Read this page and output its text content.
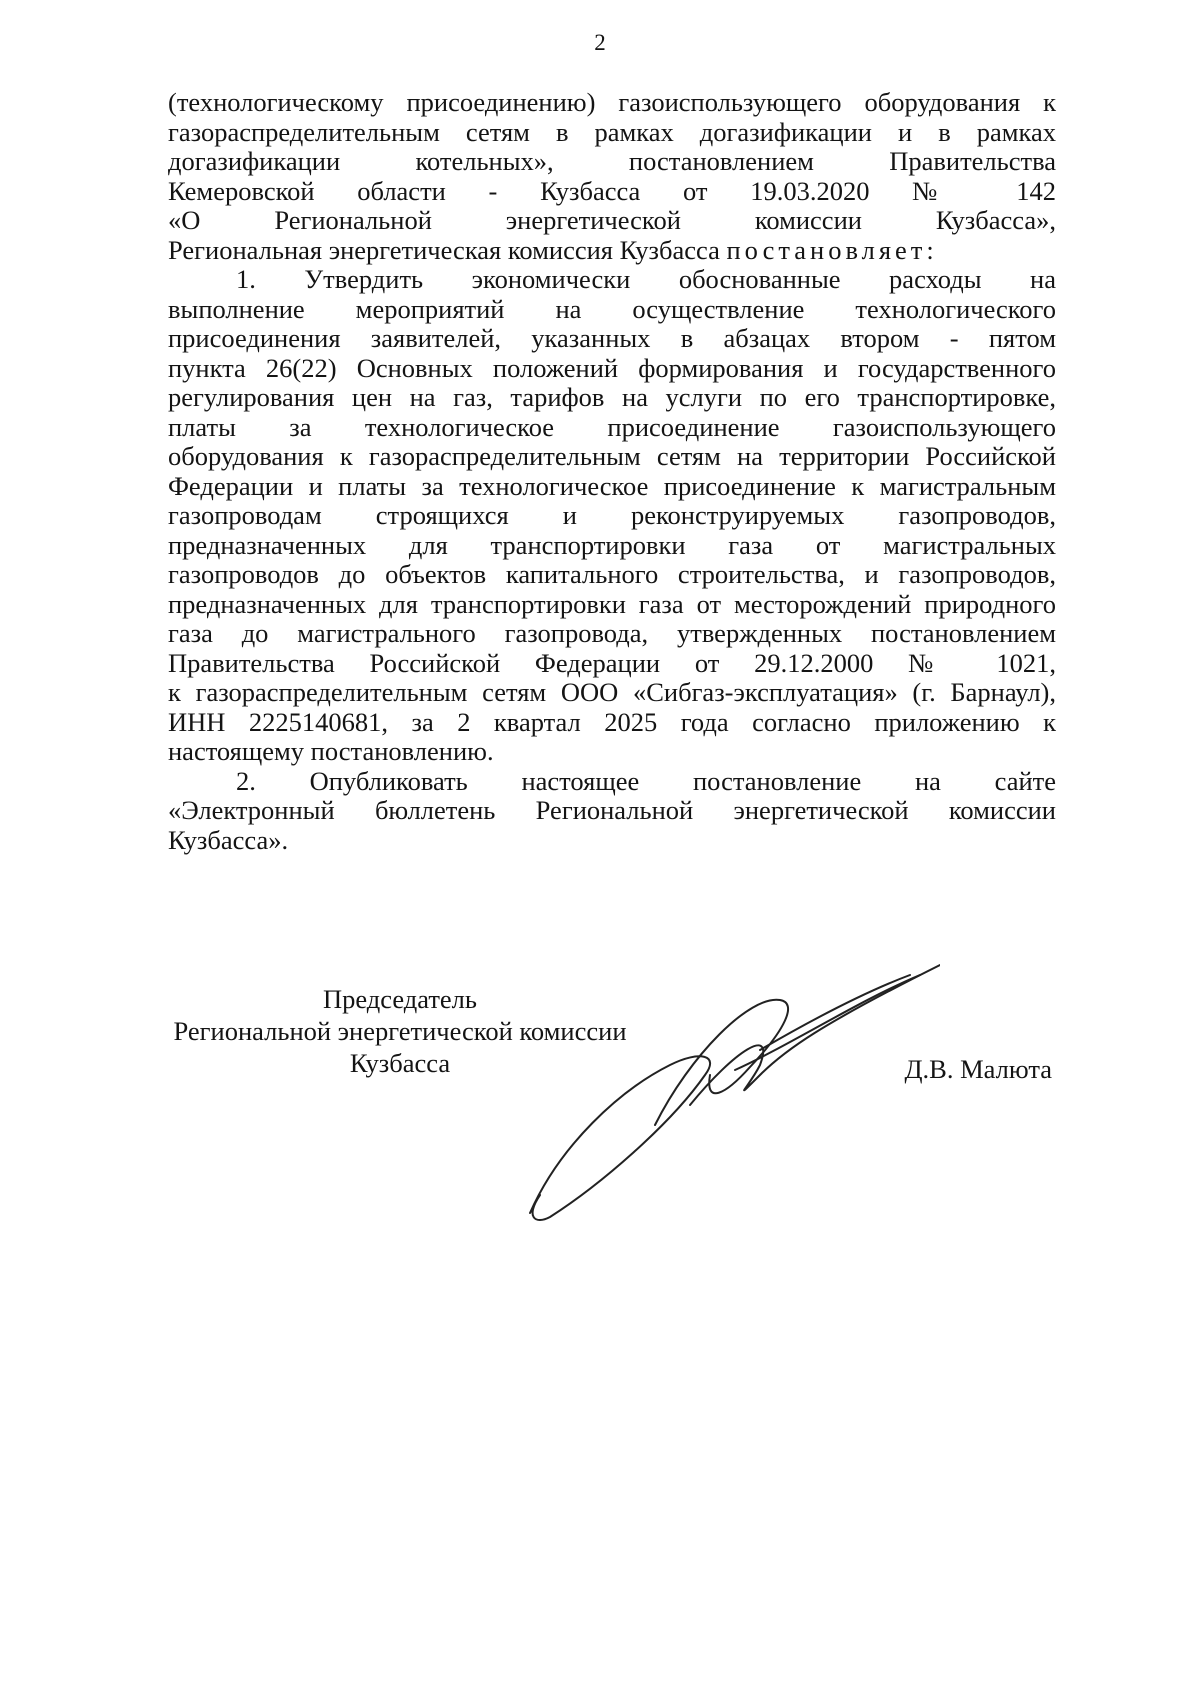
2
(технологическому присоединению) газоиспользующего оборудования к
газораспределительным сетям в рамках догазификации и в рамках
догазификации котельных», постановлением Правительства
Кемеровской области - Кузбасса от 19.03.2020 № 142
«О Региональной энергетической комиссии Кузбасса»,
Региональная энергетическая комиссия Кузбасса постановляет:
1. Утвердить экономически обоснованные расходы на
выполнение мероприятий на осуществление технологического
присоединения заявителей, указанных в абзацах втором - пятом
пункта 26(22) Основных положений формирования и государственного
регулирования цен на газ, тарифов на услуги по его транспортировке,
платы за технологическое присоединение газоиспользующего
оборудования к газораспределительным сетям на территории Российской
Федерации и платы за технологическое присоединение к магистральным
газопроводам строящихся и реконструируемых газопроводов,
предназначенных для транспортировки газа от магистральных
газопроводов до объектов капитального строительства, и газопроводов,
предназначенных для транспортировки газа от месторождений природного
газа до магистрального газопровода, утвержденных постановлением
Правительства Российской Федерации от 29.12.2000 № 1021,
к газораспределительным сетям ООО «Сибгаз-эксплуатация» (г. Барнаул),
ИНН 2225140681, за 2 квартал 2025 года согласно приложению к
настоящему постановлению.
2. Опубликовать настоящее постановление на сайте
«Электронный бюллетень Региональной энергетической комиссии
Кузбасса».
Председатель
Региональной энергетической комиссии
Кузбасса	Д.В. Малюта
